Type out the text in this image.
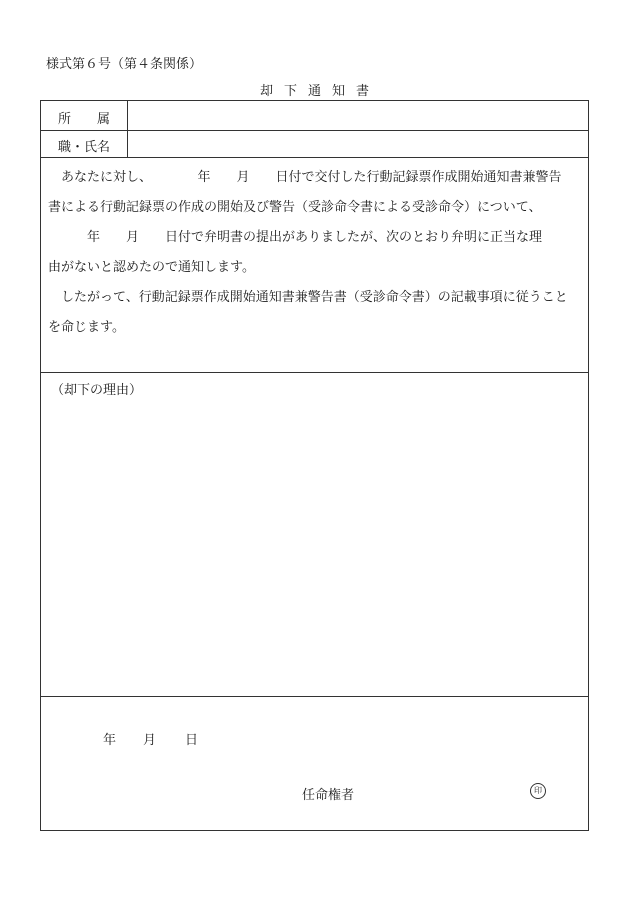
様式第６号（第４条関係）
却下通知書
所　　属
職・氏名

　あなたに対し、　　　　年　　月　　日付で交付した行動記録票作成開始通知書兼警告

書による行動記録票の作成の開始及び警告（受診命令書による受診命令）について、

　　　年　　月　　日付で弁明書の提出がありましたが、次のとおり弁明に正当な理

由がないと認めたので通知します。

　したがって、行動記録票作成開始通知書兼警告書（受診命令書）の記載事項に従うこと

を命じます。

（却下の理由）
年 月 日
任命権者	印
